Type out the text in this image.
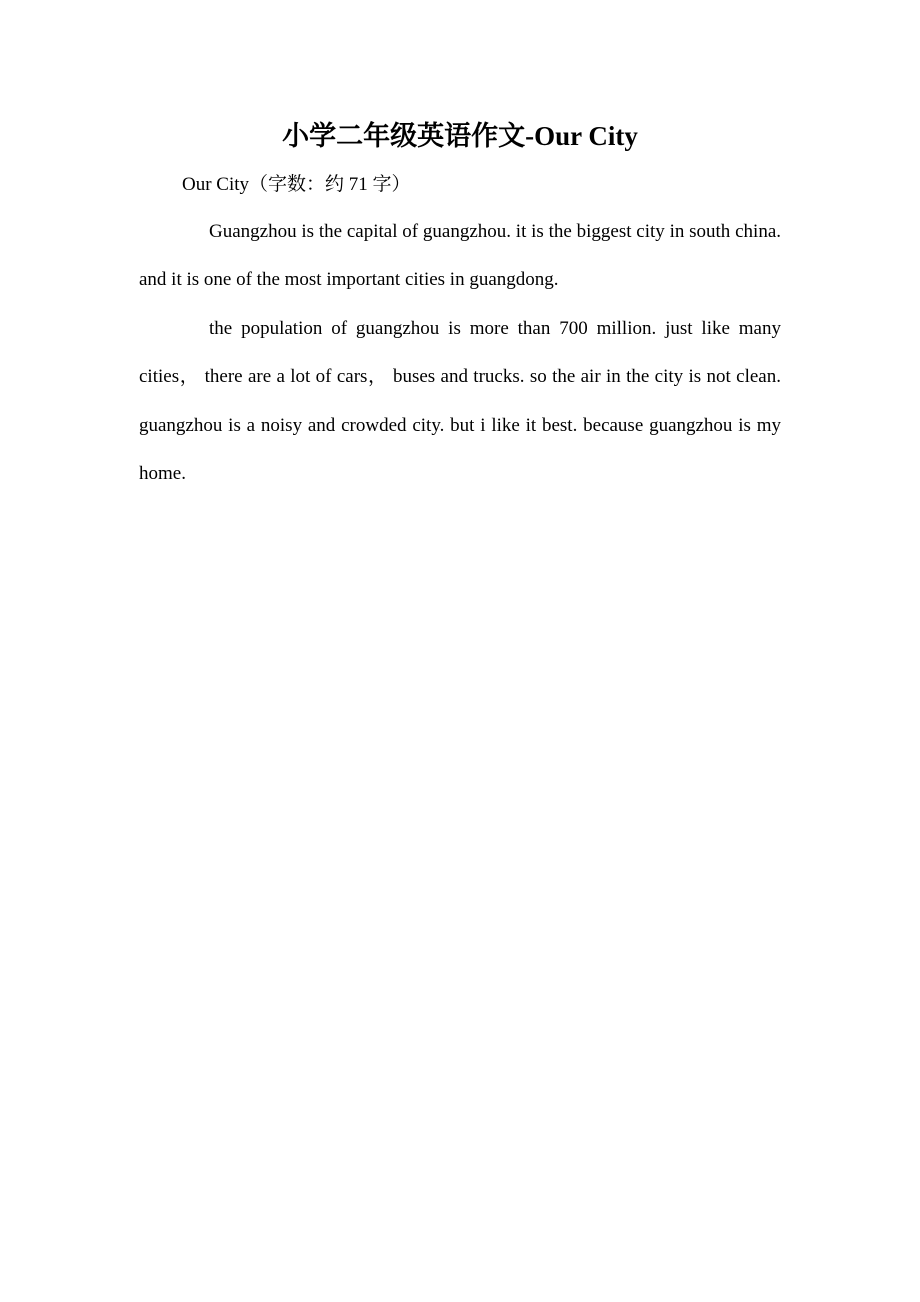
小学二年级英语作文-Our City
Our City（字数：约 71 字）

Guangzhou is the capital of guangzhou. it is the biggest city in south china. and it is one of the most important cities in guangdong.

the population of guangzhou is more than 700 million. just like many cities， there are a lot of cars， buses and trucks. so the air in the city is not clean. guangzhou is a noisy and crowded city. but i like it best. because guangzhou is my home.
